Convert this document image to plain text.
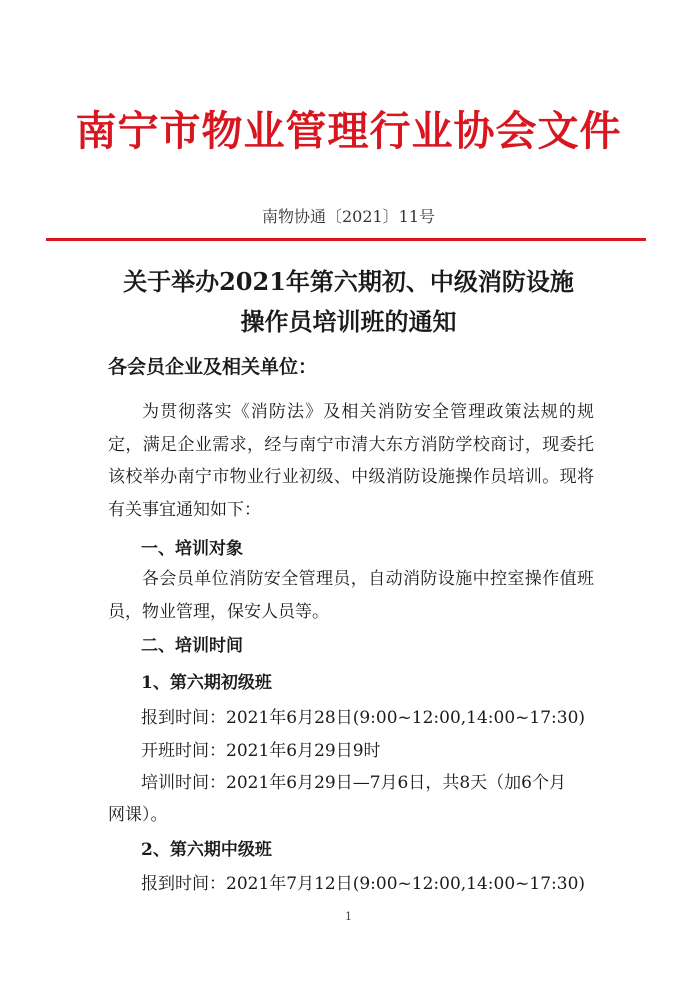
南宁市物业管理行业协会文件
南物协通〔2021〕11号
关于举办2021年第六期初、中级消防设施
操作员培训班的通知
各会员企业及相关单位：
为贯彻落实《消防法》及相关消防安全管理政策法规的规定，满足企业需求，经与南宁市清大东方消防学校商讨，现委托该校举办南宁市物业行业初级、中级消防设施操作员培训。现将有关事宜通知如下：
一、培训对象
各会员单位消防安全管理员，自动消防设施中控室操作值班员，物业管理，保安人员等。
二、培训时间
1、第六期初级班
报到时间：2021年6月28日(9:00~12:00,14:00~17:30)
开班时间：2021年6月29日9时
培训时间：2021年6月29日—7月6日，共8天（加6个月
网课）。
2、第六期中级班
报到时间：2021年7月12日(9:00~12:00,14:00~17:30)
1
